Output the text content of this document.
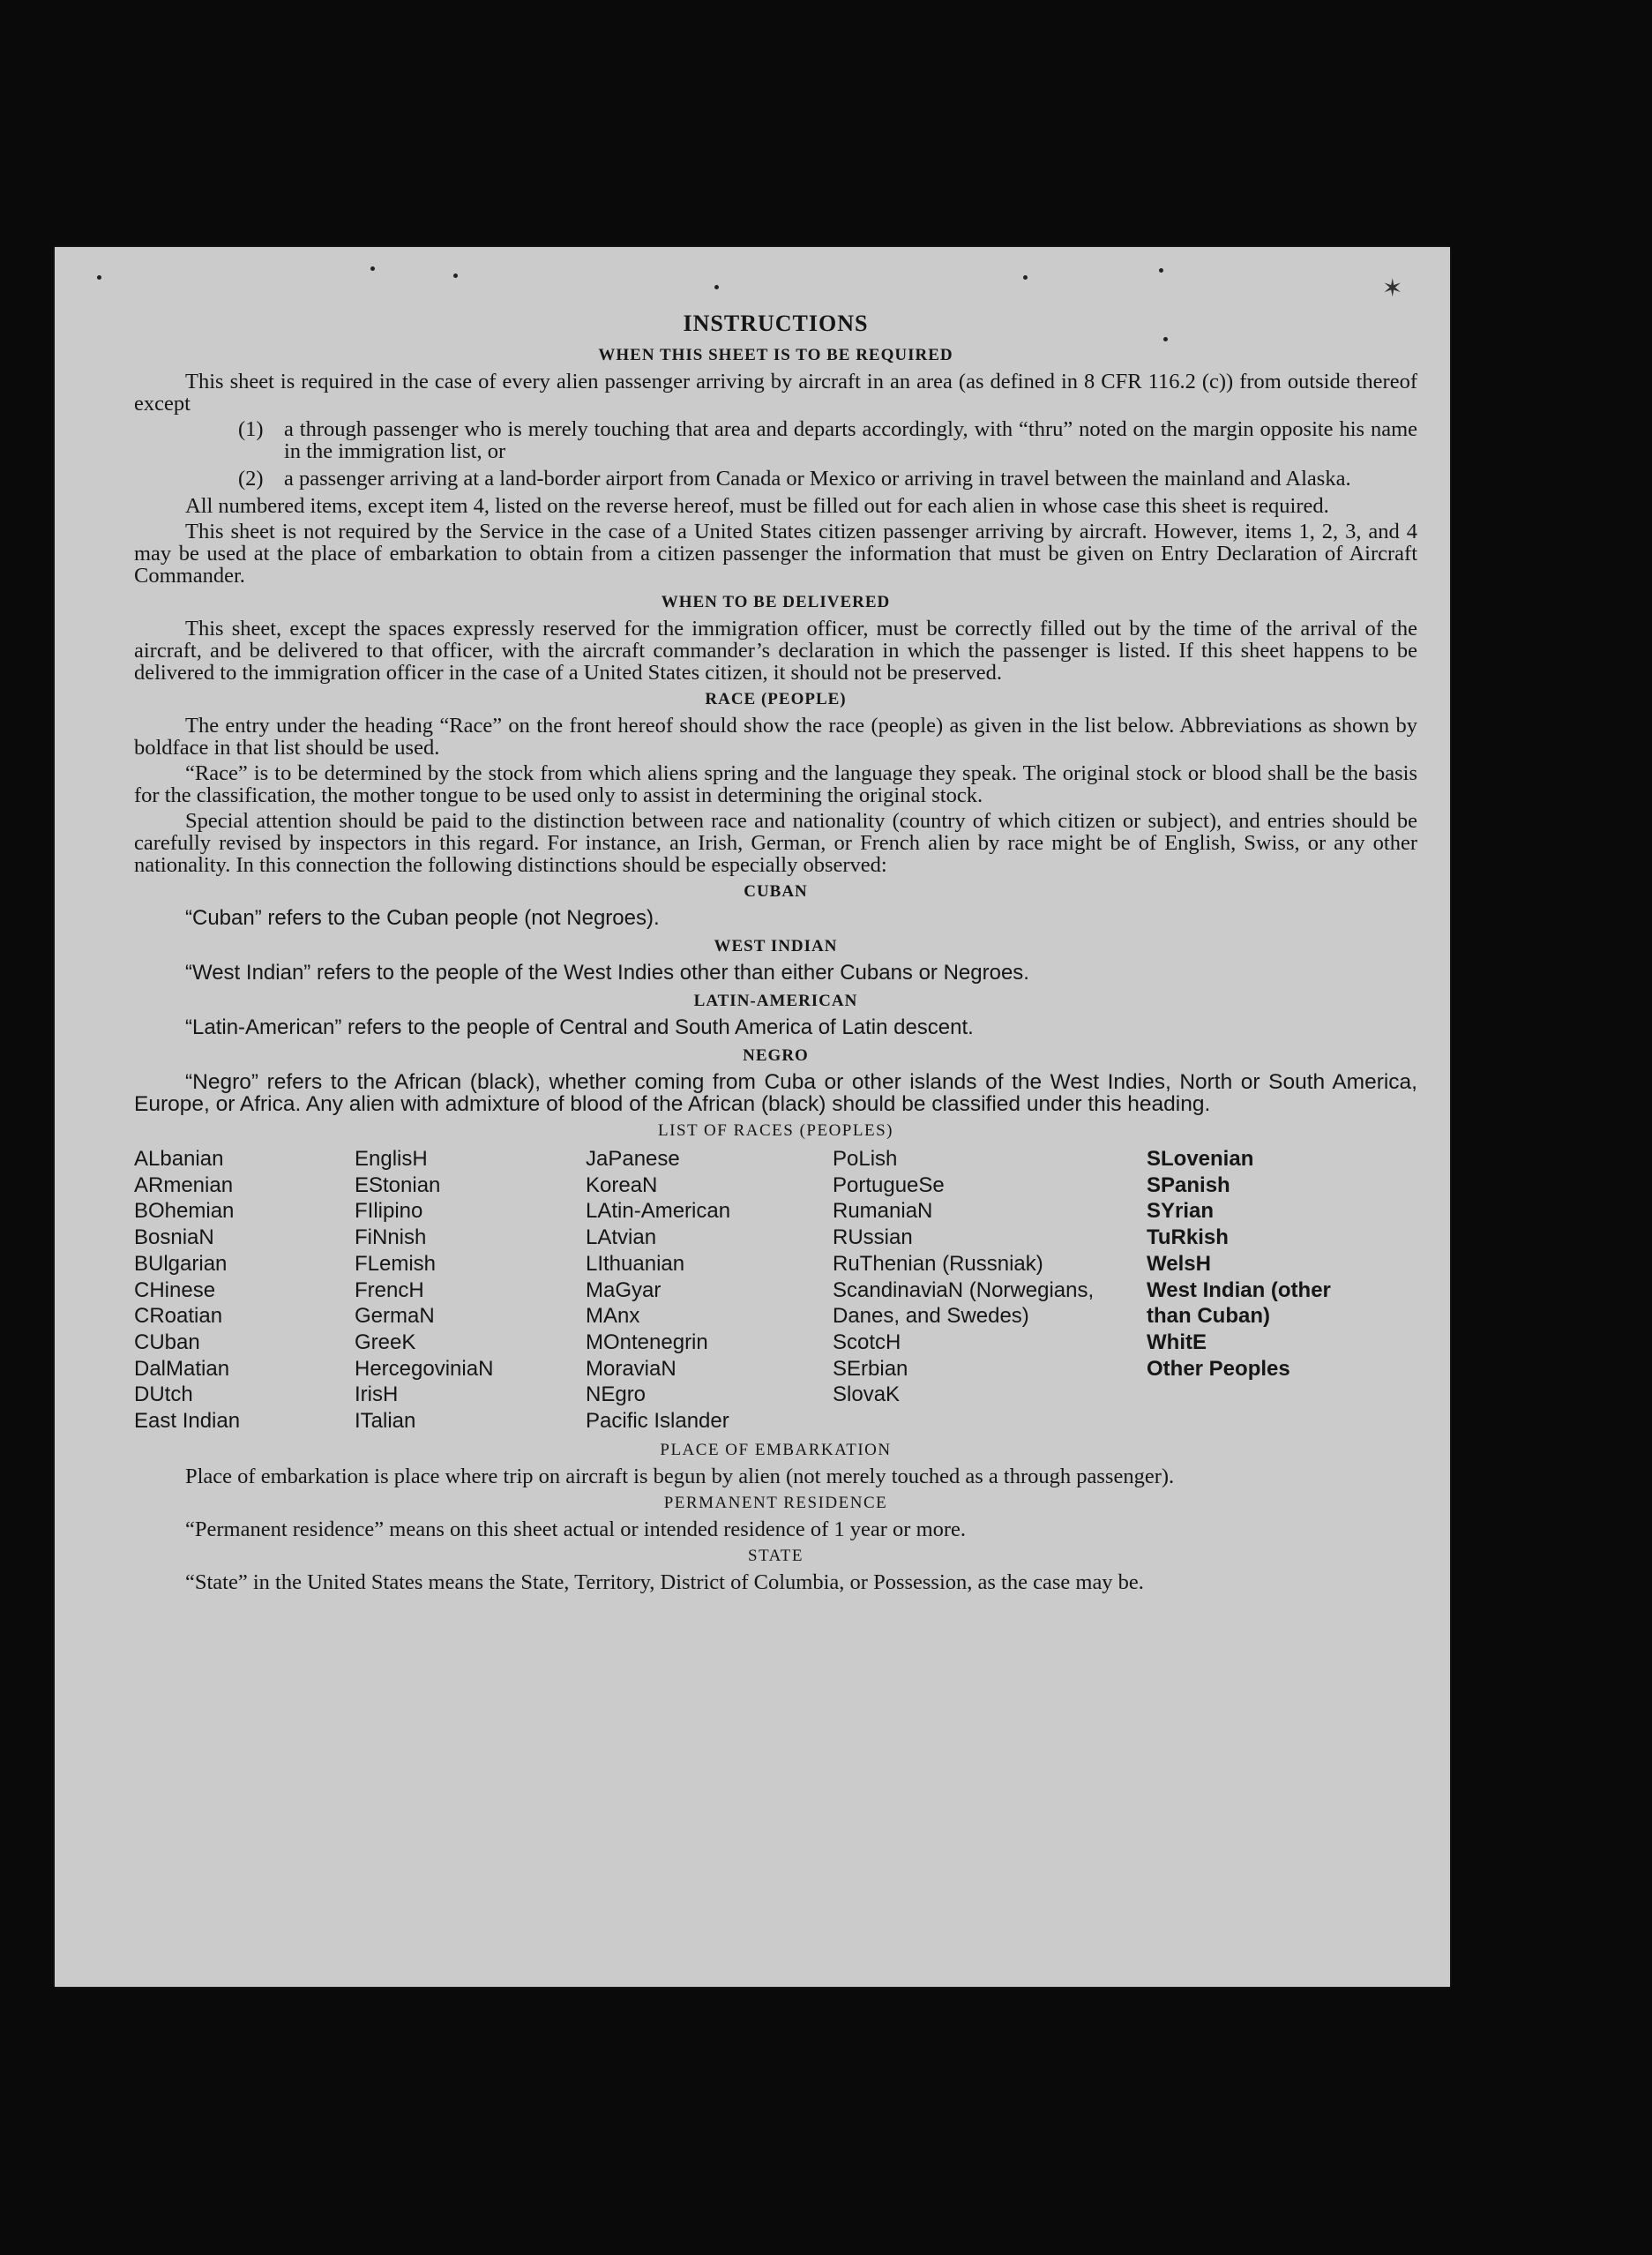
✶
INSTRUCTIONS
WHEN THIS SHEET IS TO BE REQUIRED

This sheet is required in the case of every alien passenger arriving by aircraft in an area (as defined in 8 CFR 116.2 (c)) from outside thereof except

(1) a through passenger who is merely touching that area and departs accordingly, with “thru” noted on the margin opposite his name in the immigration list, or
(2) a passenger arriving at a land-border airport from Canada or Mexico or arriving in travel between the mainland and Alaska.

All numbered items, except item 4, listed on the reverse hereof, must be filled out for each alien in whose case this sheet is required.

This sheet is not required by the Service in the case of a United States citizen passenger arriving by aircraft. However, items 1, 2, 3, and 4 may be used at the place of embarkation to obtain from a citizen passenger the information that must be given on Entry Declaration of Aircraft Commander.

WHEN TO BE DELIVERED

This sheet, except the spaces expressly reserved for the immigration officer, must be correctly filled out by the time of the arrival of the aircraft, and be delivered to that officer, with the aircraft commander’s declaration in which the passenger is listed. If this sheet happens to be delivered to the immigration officer in the case of a United States citizen, it should not be preserved.

RACE (PEOPLE)

The entry under the heading “Race” on the front hereof should show the race (people) as given in the list below. Abbreviations as shown by boldface in that list should be used.

“Race” is to be determined by the stock from which aliens spring and the language they speak. The original stock or blood shall be the basis for the classification, the mother tongue to be used only to assist in determining the original stock.

Special attention should be paid to the distinction between race and nationality (country of which citizen or subject), and entries should be carefully revised by inspectors in this regard. For instance, an Irish, German, or French alien by race might be of English, Swiss, or any other nationality. In this connection the following distinctions should be especially observed:

CUBAN
“Cuban” refers to the Cuban people (not Negroes).
WEST INDIAN
“West Indian” refers to the people of the West Indies other than either Cubans or Negroes.
LATIN-AMERICAN
“Latin-American” refers to the people of Central and South America of Latin descent.
NEGRO

“Negro” refers to the African (black), whether coming from Cuba or other islands of the West Indies, North or South America, Europe, or Africa. Any alien with admixture of blood of the African (black) should be classified under this heading.

LIST OF RACES (PEOPLES)
ALbanian
ARmenian
BOhemian
BosniaN
BUlgarian
CHinese
CRoatian
CUban
DalMatian
DUtch
East Indian
EnglisH
EStonian
FIlipino
FiNnish
FLemish
FrencH
GermaN
GreeK
HercegoviniaN
IrisH
ITalian
JaPanese
KoreaN
LAtin-American
LAtvian
LIthuanian
MaGyar
MAnx
MOntenegrin
MoraviaN
NEgro
Pacific Islander
PoLish
PortugueSe
RumaniaN
RUssian
RuThenian (Russniak)
ScandinaviaN (Norwegians, Danes, and Swedes)
ScotcH
SErbian
SlovaK
SLovenian
SPanish
SYrian
TuRkish
WelsH
West Indian (other than Cuban)
WhitE
Other Peoples
PLACE OF EMBARKATION

Place of embarkation is place where trip on aircraft is begun by alien (not merely touched as a through passenger).

PERMANENT RESIDENCE

“Permanent residence” means on this sheet actual or intended residence of 1 year or more.

STATE

“State” in the United States means the State, Territory, District of Columbia, or Possession, as the case may be.
